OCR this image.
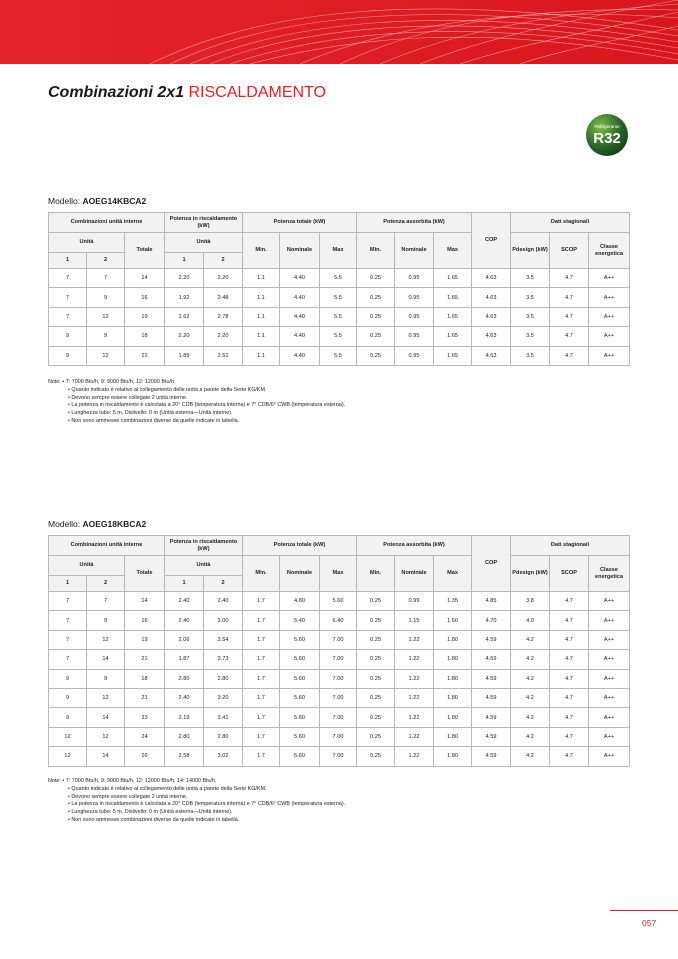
Combinazioni 2x1 RISCALDAMENTO
Refrigerante
R32
Modello: AOEG14KBCA2
Combinazioni unità interne			Potenza in riscaldamento (kW)		Potenza totale (kW)			Potenza assorbita (kW)			COP	Dati stagionali		
Unità		Totale	Unità		Min.	Nominale	Max	Min.	Nominale	Max		Pdesign (kW)	SCOP	Classe energetica
1	2		1	2										
7	7	14	2.20	2.20	1.1	4.40	5.5	0.25	0.95	1.65	4.63	3.5	4.7	A++
7	9	16	1.92	2.48	1.1	4.40	5.5	0.25	0.95	1.65	4.63	3.5	4.7	A++
7	12	19	1.62	2.78	1.1	4.40	5.5	0.25	0.95	1.65	4.63	3.5	4.7	A++
9	9	18	2.20	2.20	1.1	4.40	5.5	0.25	0.95	1.65	4.63	3.5	4.7	A++
9	12	21	1.89	2.51	1.1	4.40	5.5	0.25	0.95	1.65	4.63	3.5	4.7	A++
Note: • 7: 7000 Btu/h, 9: 9000 Btu/h, 12: 12000 Btu/h.
• Quanto indicato è relativo al collegamento delle unità a parete della Serie KG/KM.
• Devono sempre essere collegate 2 unità interne.
• La potenza in riscaldamento è calcolata a 20° CDB (temperatura interna) e 7° CDB/6° CWB (temperatura esterna).
• Lunghezza tubo: 5 m, Dislivello: 0 m (Unità esterna—Unità interne).
• Non sono ammesse combinazioni diverse da quelle indicate in tabella.
Modello: AOEG18KBCA2
Combinazioni unità interne			Potenza in riscaldamento (kW)		Potenza totale (kW)			Potenza assorbita (kW)			COP	Dati stagionali		
Unità		Totale	Unità		Min.	Nominale	Max	Min.	Nominale	Max		Pdesign (kW)	SCOP	Classe energetica
1	2		1	2										
7	7	14	2.40	2.40	1.7	4.80	5.60	0.25	0.99	1.35	4.85	3.8	4.7	A++
7	9	16	2.40	3.00	1.7	5.40	6.40	0.25	1.15	1.60	4.70	4.0	4.7	A++
7	12	19	2.06	3.54	1.7	5.60	7.00	0.25	1.22	1.80	4.59	4.2	4.7	A++
7	14	21	1.87	3.73	1.7	5.60	7.00	0.25	1.22	1.80	4.59	4.2	4.7	A++
9	9	18	2.80	2.80	1.7	5.60	7.00	0.25	1.22	1.80	4.59	4.2	4.7	A++
9	12	21	2.40	3.20	1.7	5.60	7.00	0.25	1.22	1.80	4.59	4.2	4.7	A++
9	14	23	2.19	3.41	1.7	5.60	7.00	0.25	1.22	1.80	4.59	4.2	4.7	A++
12	12	24	2.80	2.80	1.7	5.60	7.00	0.25	1.22	1.80	4.59	4.2	4.7	A++
12	14	26	2.58	3.02	1.7	5.60	7.00	0.25	1.22	1.80	4.59	4.2	4.7	A++
Note: • 7: 7000 Btu/h, 9: 9000 Btu/h, 12: 12000 Btu/h, 14: 14000 Btu/h.
• Quanto indicato è relativo al collegamento delle unità a parete della Serie KG/KM.
• Devono sempre essere collegate 2 unità interne.
• La potenza in riscaldamento è calcolata a 20° CDB (temperatura interna) e 7° CDB/6° CWB (temperatura esterna).
• Lunghezza tubo: 5 m, Dislivello: 0 m (Unità esterna—Unità interne).
• Non sono ammesse combinazioni diverse da quelle indicate in tabella.
057
